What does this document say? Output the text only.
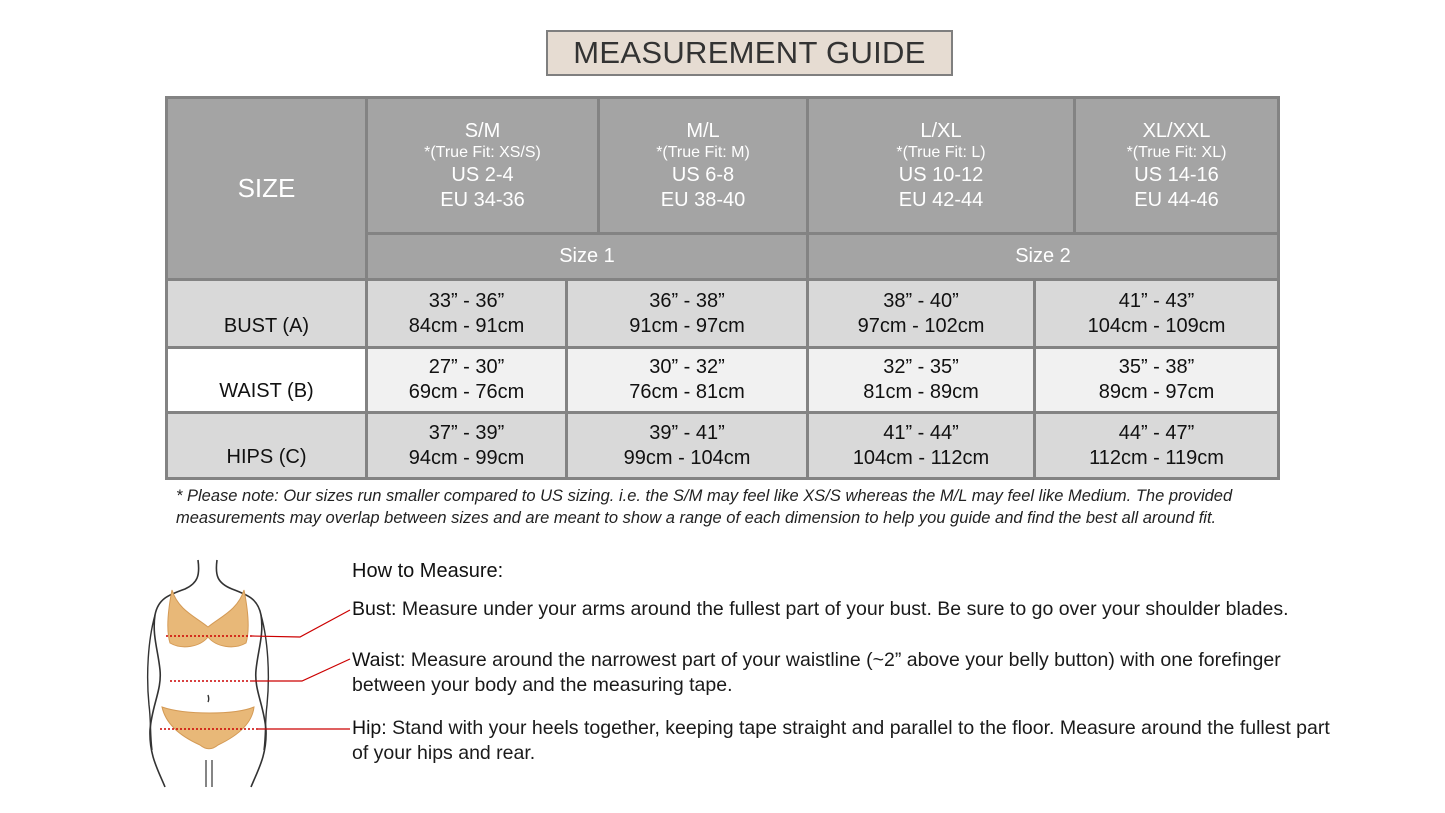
MEASUREMENT GUIDE
SIZE
S/M
*(True Fit: XS/S)
US 2-4
EU 34-36
M/L
*(True Fit: M)
US 6-8
EU 38-40
L/XL
*(True Fit: L)
US 10-12
EU 42-44
XL/XXL
*(True Fit: XL)
US 14-16
EU 44-46
Size 1	Size 2
BUST (A)
33” - 36”
84cm - 91cm
36” - 38”
91cm - 97cm
38” - 40”
97cm - 102cm
41” - 43”
104cm - 109cm
WAIST (B)
27” - 30”
69cm - 76cm
30” - 32”
76cm - 81cm
32” - 35”
81cm - 89cm
35” - 38”
89cm - 97cm
HIPS (C)
37” - 39”
94cm - 99cm
39” - 41”
99cm - 104cm
41” - 44”
104cm - 112cm
44” - 47”
112cm - 119cm
* Please note: Our sizes run smaller compared to US sizing. i.e. the S/M may feel like XS/S whereas the M/L may feel like Medium. The provided measurements may overlap between sizes and are meant to show a range of each dimension to help you guide and find the best all around fit.
How to Measure:
Bust: Measure under your arms around the fullest part of your bust. Be sure to go over your shoulder blades.
Waist: Measure around the narrowest part of your waistline (~2” above your belly button) with one forefinger between your body and the measuring tape.
Hip: Stand with your heels together, keeping tape straight and parallel to the floor. Measure around the fullest part of your hips and rear.
